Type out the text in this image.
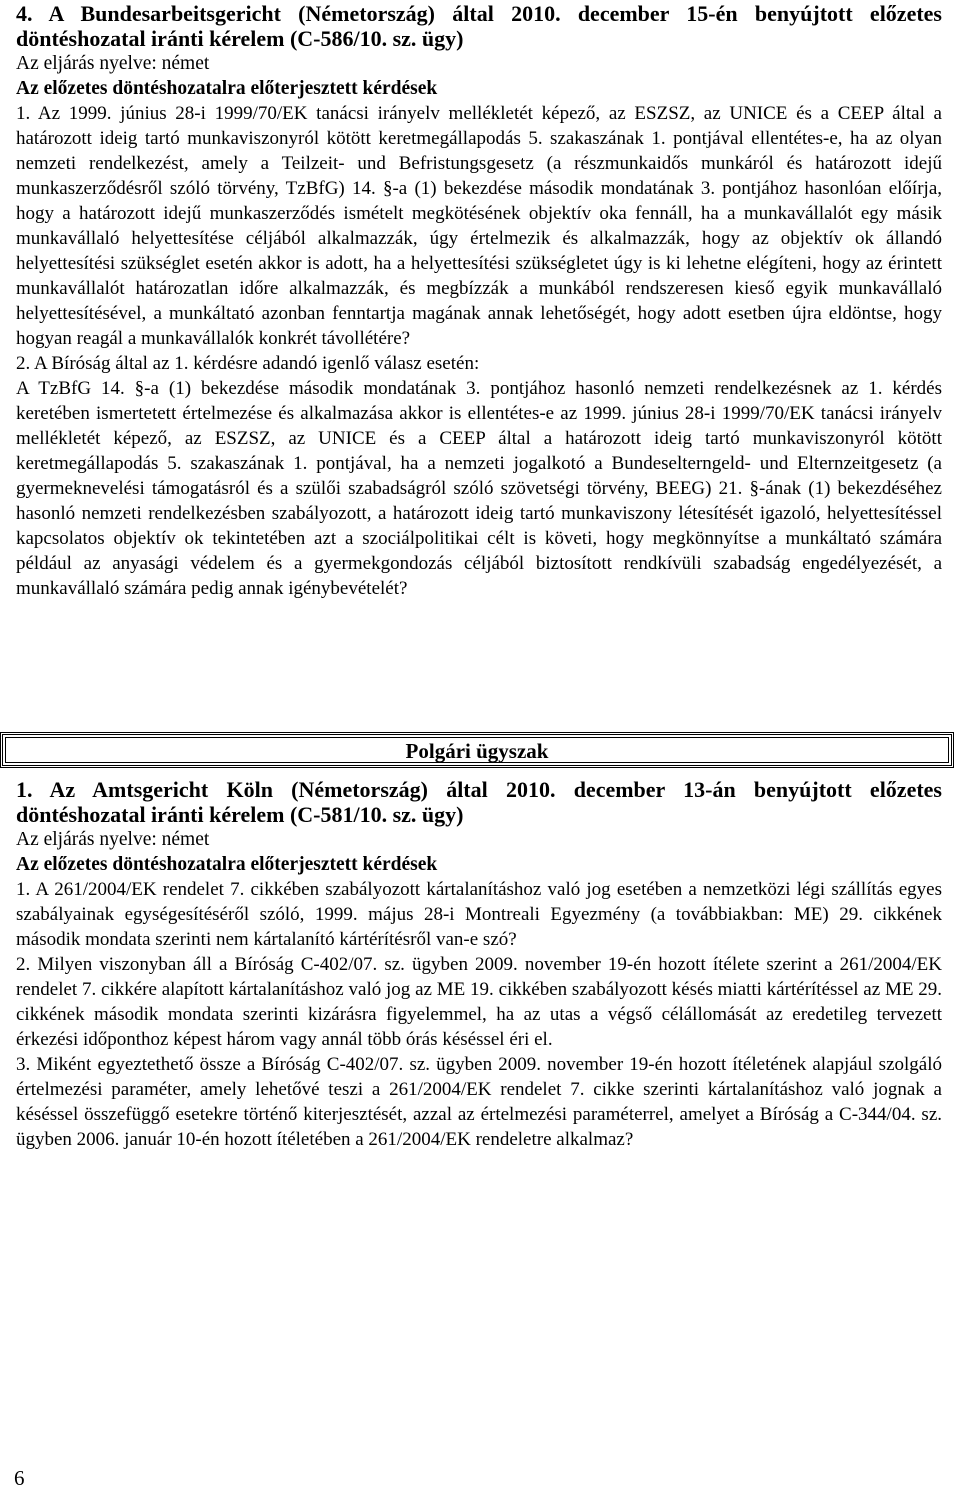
4. A Bundesarbeitsgericht (Németország) által 2010. december 15-én benyújtott előzetes döntéshozatal iránti kérelem (C-586/10. sz. ügy)

Az eljárás nyelve: német

Az előzetes döntéshozatalra előterjesztett kérdések

1. Az 1999. június 28-i 1999/70/EK tanácsi irányelv mellékletét képező, az ESZSZ, az UNICE és a CEEP által a határozott ideig tartó munkaviszonyról kötött keretmegállapodás 5. szakaszának 1. pontjával ellentétes-e, ha az olyan nemzeti rendelkezést, amely a Teilzeit- und Befristungsgesetz (a részmunkaidős munkáról és határozott idejű munkaszerződésről szóló törvény, TzBfG) 14. §-a (1) bekezdése második mondatának 3. pontjához hasonlóan előírja, hogy a határozott idejű munkaszerződés ismételt megkötésének objektív oka fennáll, ha a munkavállalót egy másik munkavállaló helyettesítése céljából alkalmazzák, úgy értelmezik és alkalmazzák, hogy az objektív ok állandó helyettesítési szükséglet esetén akkor is adott, ha a helyettesítési szükségletet úgy is ki lehetne elégíteni, hogy az érintett munkavállalót határozatlan időre alkalmazzák, és megbízzák a munkából rendszeresen kieső egyik munkavállaló helyettesítésével, a munkáltató azonban fenntartja magának annak lehetőségét, hogy adott esetben újra eldöntse, hogy hogyan reagál a munkavállalók konkrét távollétére?

2. A Bíróság által az 1. kérdésre adandó igenlő válasz esetén:

A TzBfG 14. §-a (1) bekezdése második mondatának 3. pontjához hasonló nemzeti rendelkezésnek az 1. kérdés keretében ismertetett értelmezése és alkalmazása akkor is ellentétes-e az 1999. június 28-i 1999/70/EK tanácsi irányelv mellékletét képező, az ESZSZ, az UNICE és a CEEP által a határozott ideig tartó munkaviszonyról kötött keretmegállapodás 5. szakaszának 1. pontjával, ha a nemzeti jogalkotó a Bundeselterngeld- und Elternzeitgesetz (a gyermeknevelési támogatásról és a szülői szabadságról szóló szövetségi törvény, BEEG) 21. §-ának (1) bekezdéséhez hasonló nemzeti rendelkezésben szabályozott, a határozott ideig tartó munkaviszony létesítését igazoló, helyettesítéssel kapcsolatos objektív ok tekintetében azt a szociálpolitikai célt is követi, hogy megkönnyítse a munkáltató számára például az anyasági védelem és a gyermekgondozás céljából biztosított rendkívüli szabadság engedélyezését, a munkavállaló számára pedig annak igénybevételét?

Polgári ügyszak

1. Az Amtsgericht Köln (Németország) által 2010. december 13-án benyújtott előzetes döntéshozatal iránti kérelem (C-581/10. sz. ügy)

Az eljárás nyelve: német

Az előzetes döntéshozatalra előterjesztett kérdések

1. A 261/2004/EK rendelet 7. cikkében szabályozott kártalanításhoz való jog esetében a nemzetközi légi szállítás egyes szabályainak egységesítéséről szóló, 1999. május 28-i Montreali Egyezmény (a továbbiakban: ME) 29. cikkének második mondata szerinti nem kártalanító kártérítésről van-e szó?

2. Milyen viszonyban áll a Bíróság C-402/07. sz. ügyben 2009. november 19-én hozott ítélete szerint a 261/2004/EK rendelet 7. cikkére alapított kártalanításhoz való jog az ME 19. cikkében szabályozott késés miatti kártérítéssel az ME 29. cikkének második mondata szerinti kizárásra figyelemmel, ha az utas a végső célállomását az eredetileg tervezett érkezési időponthoz képest három vagy annál több órás késéssel éri el.

3. Miként egyeztethető össze a Bíróság C-402/07. sz. ügyben 2009. november 19-én hozott ítéletének alapjául szolgáló értelmezési paraméter, amely lehetővé teszi a 261/2004/EK rendelet 7. cikke szerinti kártalanításhoz való jognak a késéssel összefüggő esetekre történő kiterjesztését, azzal az értelmezési paraméterrel, amelyet a Bíróság a C-344/04. sz. ügyben 2006. január 10-én hozott ítéletében a 261/2004/EK rendeletre alkalmaz?

6
